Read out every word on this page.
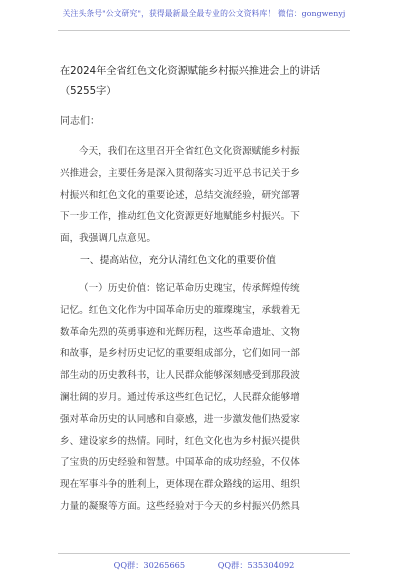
关注头条号"公文研究"，获得最新最全最专业的公文资料库！ 微信：gongwenyj
在2024年全省红色文化资源赋能乡村振兴推进会上的讲话
（5255字）
同志们：
今天，我们在这里召开全省红色文化资源赋能乡村振
兴推进会，主要任务是深入贯彻落实习近平总书记关于乡
村振兴和红色文化的重要论述，总结交流经验，研究部署
下一步工作，推动红色文化资源更好地赋能乡村振兴。下
面，我强调几点意见。
一、提高站位，充分认清红色文化的重要价值
（一）历史价值：铭记革命历史瑰宝，传承辉煌传统
记忆。红色文化作为中国革命历史的璀璨瑰宝，承载着无
数革命先烈的英勇事迹和光辉历程，这些革命遗址、文物
和故事，是乡村历史记忆的重要组成部分，它们如同一部
部生动的历史教科书，让人民群众能够深刻感受到那段波
澜壮阔的岁月。通过传承这些红色记忆，人民群众能够增
强对革命历史的认同感和自豪感，进一步激发他们热爱家
乡、建设家乡的热情。同时，红色文化也为乡村振兴提供
了宝贵的历史经验和智慧。中国革命的成功经验，不仅体
现在军事斗争的胜利上，更体现在群众路线的运用、组织
力量的凝聚等方面。这些经验对于今天的乡村振兴仍然具
QQ群：30265665	QQ群：535304092
